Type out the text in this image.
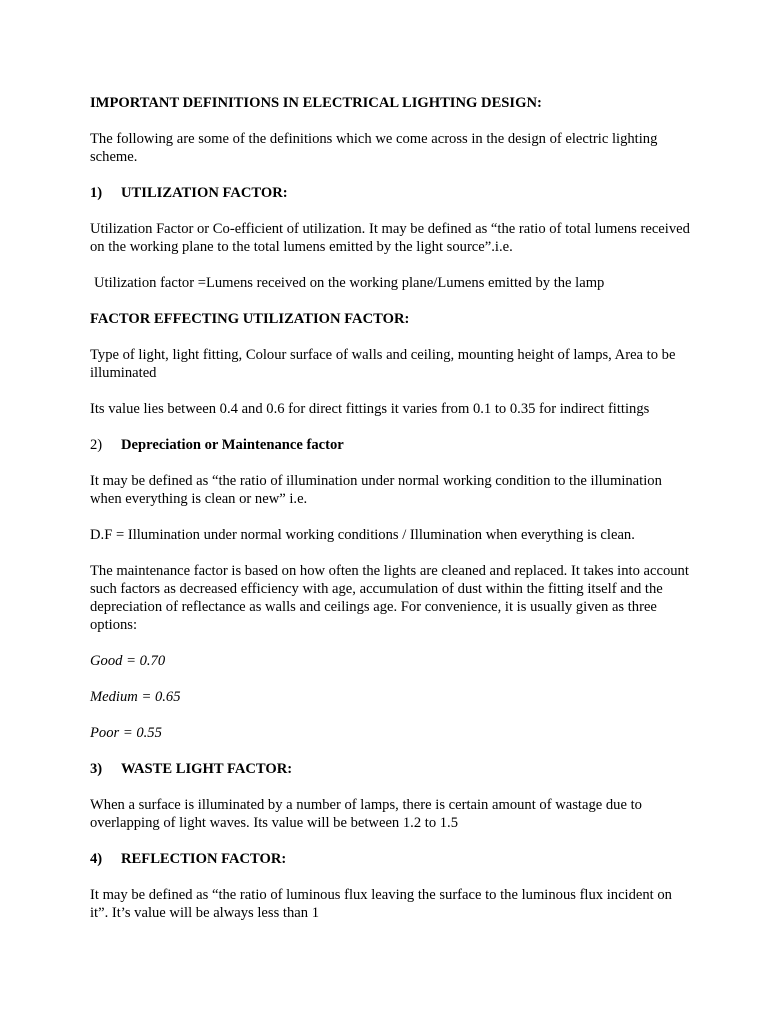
IMPORTANT DEFINITIONS IN ELECTRICAL LIGHTING DESIGN:

The following are some of the definitions which we come across in the design of electric lighting scheme.

1)	UTILIZATION FACTOR:

Utilization Factor or Co-efficient of utilization. It may be defined as “the ratio of total lumens received on the working plane to the total lumens emitted by the light source”.i.e.

Utilization factor =Lumens received on the working plane/Lumens emitted by the lamp

FACTOR EFFECTING UTILIZATION FACTOR:

Type of light, light fitting, Colour surface of walls and ceiling, mounting height of lamps, Area to be illuminated

Its value lies between 0.4 and 0.6 for direct fittings it varies from 0.1 to 0.35 for indirect fittings

2)	Depreciation or Maintenance factor

It may be defined as “the ratio of illumination under normal working condition to the illumination when everything is clean or new” i.e.

D.F = Illumination under normal working conditions / Illumination when everything is clean.

The maintenance factor is based on how often the lights are cleaned and replaced. It takes into account such factors as decreased efficiency with age, accumulation of dust within the fitting itself and the depreciation of reflectance as walls and ceilings age. For convenience, it is usually given as three options:

Good = 0.70

Medium = 0.65

Poor = 0.55

3)	WASTE LIGHT FACTOR:

When a surface is illuminated by a number of lamps, there is certain amount of wastage due to overlapping of light waves. Its value will be between 1.2 to 1.5

4)	REFLECTION FACTOR:

It may be defined as “the ratio of luminous flux leaving the surface to the luminous flux incident on it”. It’s value will be always less than 1
